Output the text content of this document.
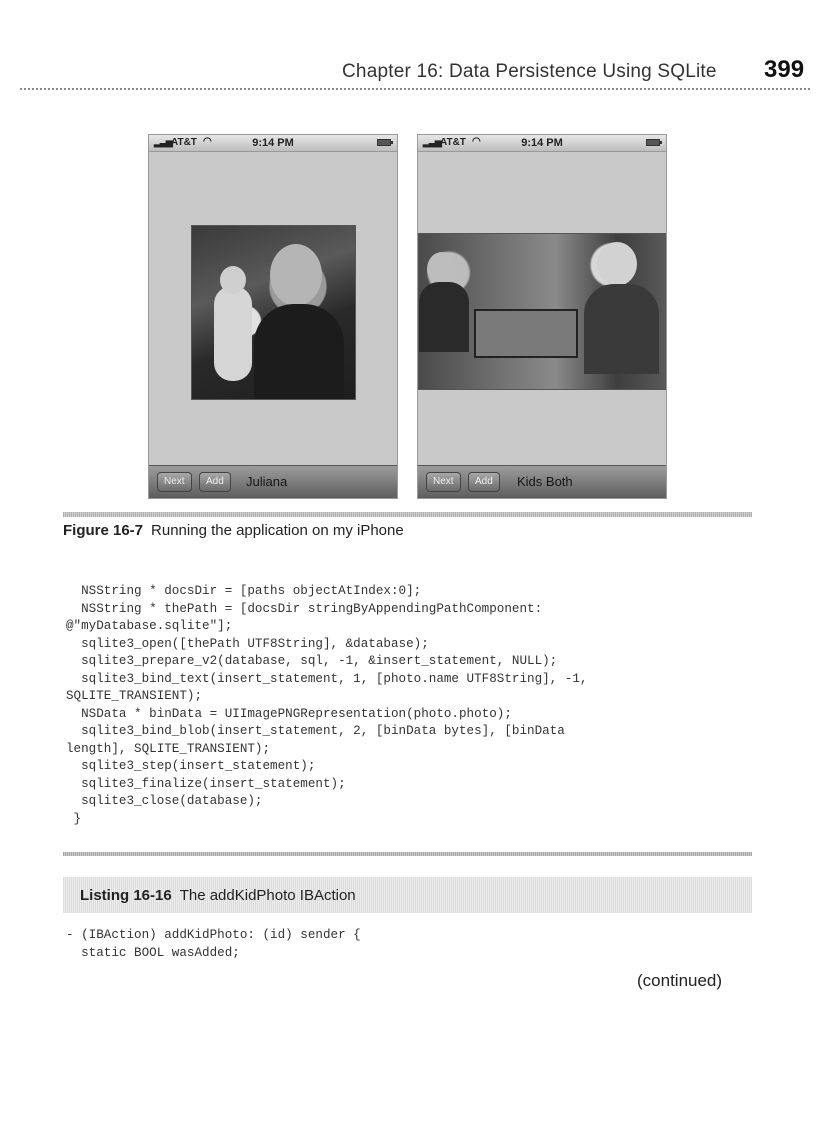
Chapter 16: Data Persistence Using SQLite 399
▂▃▅ AT&T ◠	9:14 PM
Next	Add	Juliana
▂▃▅ AT&T ◠	9:14 PM
Next	Add	Kids Both
Figure 16-7 Running the application on my iPhone
NSString * docsDir = [paths objectAtIndex:0];
NSString * thePath = [docsDir stringByAppendingPathComponent:
@"myDatabase.sqlite"];
sqlite3_open([thePath UTF8String], &database);
sqlite3_prepare_v2(database, sql, -1, &insert_statement, NULL);
sqlite3_bind_text(insert_statement, 1, [photo.name UTF8String], -1,
SQLITE_TRANSIENT);
NSData * binData = UIImagePNGRepresentation(photo.photo);
sqlite3_bind_blob(insert_statement, 2, [binData bytes], [binData
length], SQLITE_TRANSIENT);
sqlite3_step(insert_statement);
sqlite3_finalize(insert_statement);
sqlite3_close(database);
}
Listing 16-16 The addKidPhoto IBAction
- (IBAction) addKidPhoto: (id) sender {
static BOOL wasAdded;
(continued)
